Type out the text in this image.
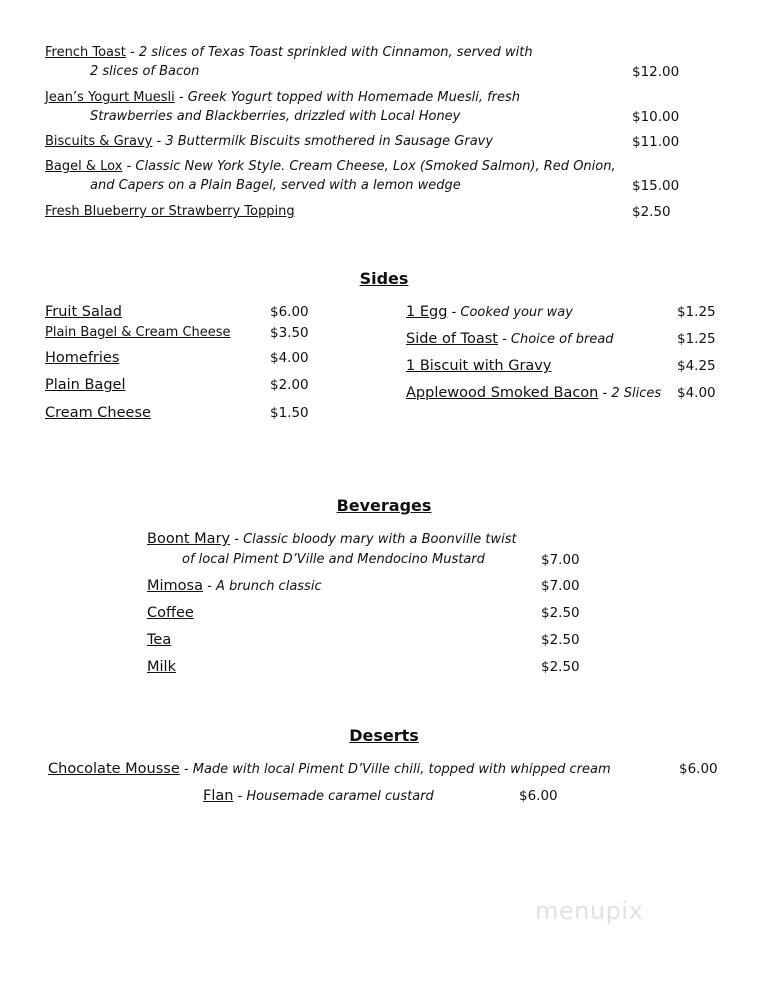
French Toast - 2 slices of Texas Toast sprinkled with Cinnamon, served with
2 slices of Bacon	$12.00
Jean’s Yogurt Muesli - Greek Yogurt topped with Homemade Muesli, fresh
Strawberries and Blackberries, drizzled with Local Honey	$10.00
Biscuits & Gravy - 3 Buttermilk Biscuits smothered in Sausage Gravy	$11.00
Bagel & Lox - Classic New York Style. Cream Cheese, Lox (Smoked Salmon), Red Onion,
and Capers on a Plain Bagel, served with a lemon wedge	$15.00
Fresh Blueberry or Strawberry Topping	$2.50
Sides
Fruit Salad	$6.00
Plain Bagel & Cream Cheese	$3.50
Homefries	$4.00
Plain Bagel	$2.00
Cream Cheese	$1.50
1 Egg - Cooked your way	$1.25
Side of Toast - Choice of bread	$1.25
1 Biscuit with Gravy	$4.25
Applewood Smoked Bacon - 2 Slices $4.00
Beverages
Boont Mary - Classic bloody mary with a Boonville twist
of local Piment D’Ville and Mendocino Mustard	$7.00
Mimosa - A brunch classic	$7.00
Coffee	$2.50
Tea	$2.50
Milk	$2.50
Deserts
Chocolate Mousse - Made with local Piment D’Ville chili, topped with whipped cream	$6.00
Flan - Housemade caramel custard	$6.00
menupix
